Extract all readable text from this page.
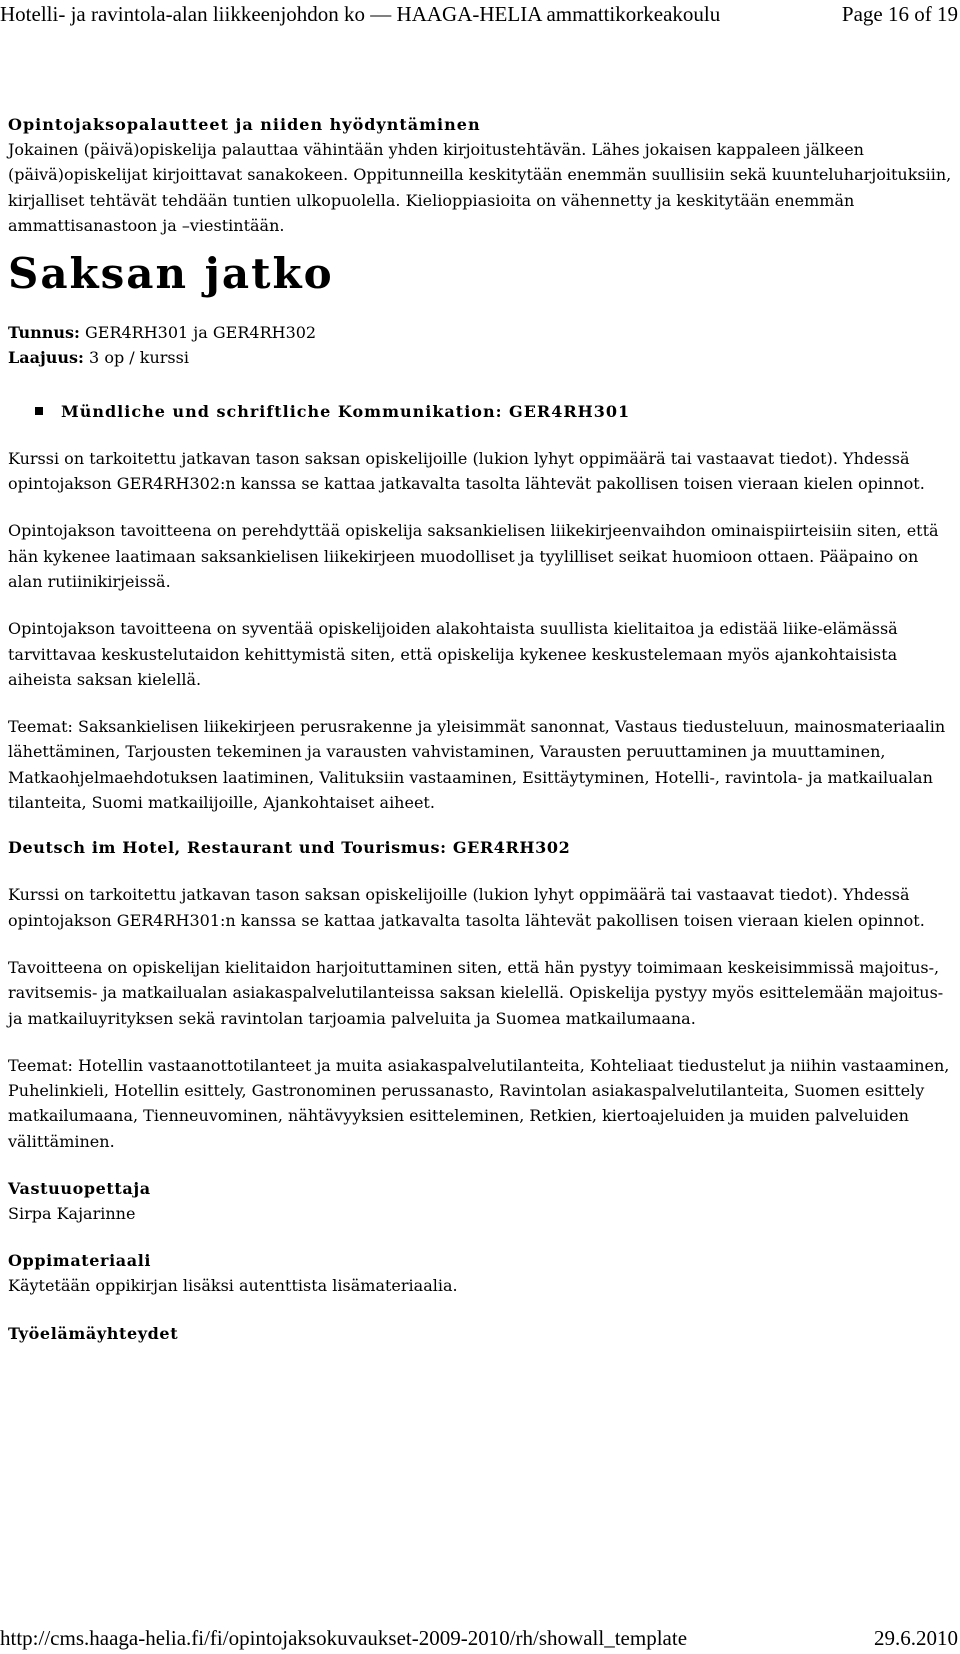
Hotelli- ja ravintola-alan liikkeenjohdon ko — HAAGA-HELIA ammattikorkeakoulu	Page 16 of 19
Opintojaksopalautteet ja niiden hyödyntäminen

Jokainen (päivä)opiskelija palauttaa vähintään yhden kirjoitustehtävän. Lähes jokaisen kappaleen jälkeen (päivä)opiskelijat kirjoittavat sanakokeen. Oppitunneilla keskitytään enemmän suullisiin sekä kuunteluharjoituksiin, kirjalliset tehtävät tehdään tuntien ulkopuolella. Kielioppiasioita on vähennetty ja keskitytään enemmän ammattisanastoon ja –viestintään.

Saksan jatko
Tunnus: GER4RH301 ja GER4RH302
Laajuus: 3 op / kurssi
Mündliche und schriftliche Kommunikation: GER4RH301

Kurssi on tarkoitettu jatkavan tason saksan opiskelijoille (lukion lyhyt oppimäärä tai vastaavat tiedot). Yhdessä opintojakson GER4RH302:n kanssa se kattaa jatkavalta tasolta lähtevät pakollisen toisen vieraan kielen opinnot.

Opintojakson tavoitteena on perehdyttää opiskelija saksankielisen liikekirjeenvaihdon ominaispiirteisiin siten, että hän kykenee laatimaan saksankielisen liikekirjeen muodolliset ja tyylilliset seikat huomioon ottaen. Pääpaino on alan rutiinikirjeissä.

Opintojakson tavoitteena on syventää opiskelijoiden alakohtaista suullista kielitaitoa ja edistää liike-elämässä tarvittavaa keskustelutaidon kehittymistä siten, että opiskelija kykenee keskustelemaan myös ajankohtaisista aiheista saksan kielellä.

Teemat: Saksankielisen liikekirjeen perusrakenne ja yleisimmät sanonnat, Vastaus tiedusteluun, mainosmateriaalin lähettäminen, Tarjousten tekeminen ja varausten vahvistaminen, Varausten peruuttaminen ja muuttaminen, Matkaohjelmaehdotuksen laatiminen, Valituksiin vastaaminen, Esittäytyminen, Hotelli-, ravintola- ja matkailualan tilanteita, Suomi matkailijoille, Ajankohtaiset aiheet.

Deutsch im Hotel, Restaurant und Tourismus: GER4RH302

Kurssi on tarkoitettu jatkavan tason saksan opiskelijoille (lukion lyhyt oppimäärä tai vastaavat tiedot). Yhdessä opintojakson GER4RH301:n kanssa se kattaa jatkavalta tasolta lähtevät pakollisen toisen vieraan kielen opinnot.

Tavoitteena on opiskelijan kielitaidon harjoituttaminen siten, että hän pystyy toimimaan keskeisimmissä majoitus-, ravitsemis- ja matkailualan asiakaspalvelutilanteissa saksan kielellä. Opiskelija pystyy myös esittelemään majoitus- ja matkailuyrityksen sekä ravintolan tarjoamia palveluita ja Suomea matkailumaana.

Teemat: Hotellin vastaanottotilanteet ja muita asiakaspalvelutilanteita, Kohteliaat tiedustelut ja niihin vastaaminen, Puhelinkieli, Hotellin esittely, Gastronominen perussanasto, Ravintolan asiakaspalvelutilanteita, Suomen esittely matkailumaana, Tienneuvominen, nähtävyyksien esitteleminen, Retkien, kiertoajeluiden ja muiden palveluiden välittäminen.

Vastuuopettaja

Sirpa Kajarinne

Oppimateriaali

Käytetään oppikirjan lisäksi autenttista lisämateriaalia.

Työelämäyhteydet
http://cms.haaga-helia.fi/fi/opintojaksokuvaukset-2009-2010/rh/showall_template	29.6.2010
